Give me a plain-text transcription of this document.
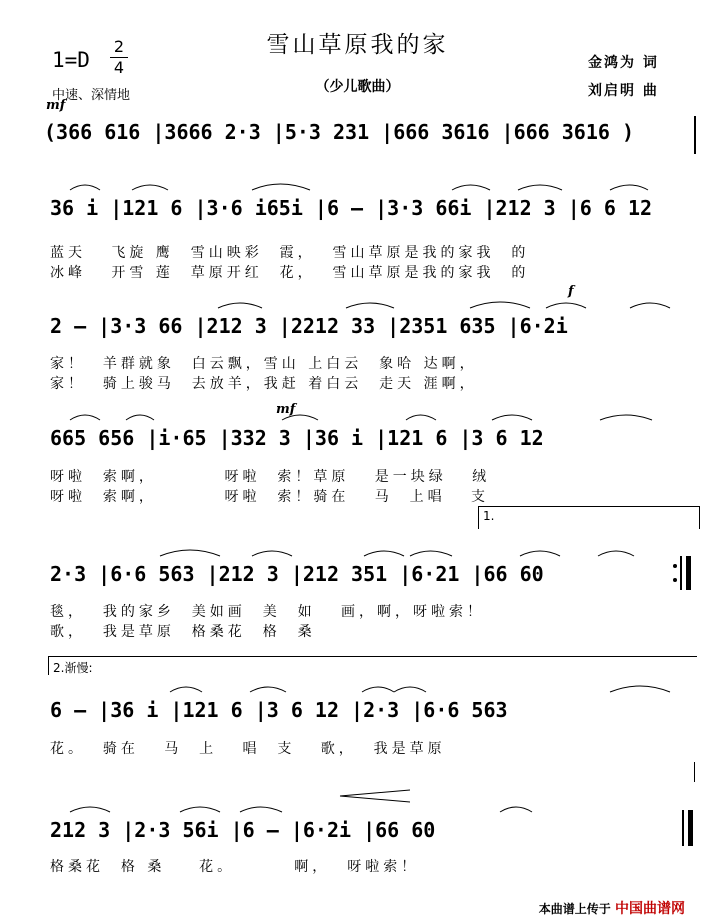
雪山草原我的家
（少儿歌曲）
1=D
2
4
中速、深情地
金鸿为 词
刘启明 曲
mf
(366 616 |3666 2·3 |5·3 231 |666 3616 |666 3616 )
36 i |121 6 |3·6 i65i |6 — |3·3 66i |212 3 |6 6 12
蓝天   飞旋 鹰  雪山映彩  霞，  雪山草原是我的家我  的
冰峰   开雪 莲  草原开红  花，  雪山草原是我的家我  的
f
2 — |3·3 66 |212 3 |2212 33 |2351 635 |6·2i
家！  羊群就象  白云飘，雪山 上白云  象哈 达啊，
家！  骑上骏马  去放羊，我赶 着白云  走天 涯啊，
mf
665 656 |i·65 |332 3 |36 i |121 6 |3 6 12
呀啦  索啊，        呀啦  索！草原   是一块绿   绒
呀啦  索啊，        呀啦  索！骑在   马  上唱   支
1.
2·3 |6·6 563 |212 3 |212 351 |6·21 |66 60
毯，  我的家乡  美如画  美  如   画，啊，呀啦索！
歌，  我是草原  格桑花  格  桑
2.渐慢:
6 — |36 i |121 6 |3 6 12 |2·3 |6·6 563
花。  骑在   马  上   唱  支   歌，  我是草原
212 3 |2·3 56i |6 — |6·2i |66 60
格桑花  格 桑    花。       啊，  呀啦索！
本曲谱上传于 中国曲谱网
